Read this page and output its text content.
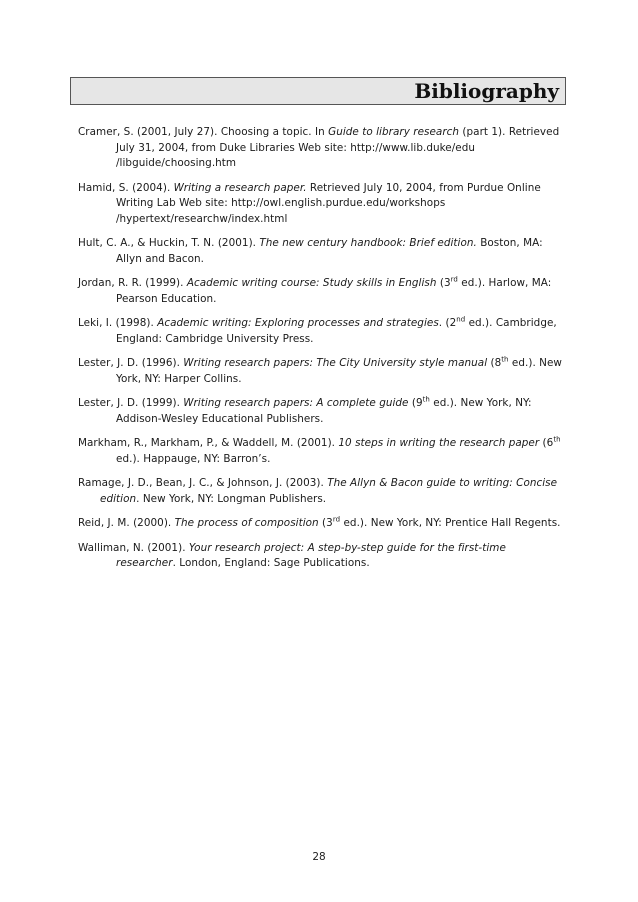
Bibliography
Cramer, S. (2001, July 27). Choosing a topic. In Guide to library research (part 1). Retrieved July 31, 2004, from Duke Libraries Web site: http://www.lib.duke/edu /libguide/choosing.htm
Hamid, S. (2004). Writing a research paper. Retrieved July 10, 2004, from Purdue Online Writing Lab Web site: http://owl.english.purdue.edu/workshops /hypertext/researchw/index.html
Hult, C. A., & Huckin, T. N. (2001). The new century handbook: Brief edition. Boston, MA: Allyn and Bacon.
Jordan, R. R. (1999). Academic writing course: Study skills in English (3rd ed.). Harlow, MA: Pearson Education.
Leki, I. (1998). Academic writing: Exploring processes and strategies. (2nd ed.). Cambridge, England: Cambridge University Press.
Lester, J. D. (1996). Writing research papers: The City University style manual (8th ed.). New York, NY: Harper Collins.
Lester, J. D. (1999). Writing research papers: A complete guide (9th ed.). New York, NY: Addison-Wesley Educational Publishers.
Markham, R., Markham, P., & Waddell, M. (2001). 10 steps in writing the research paper (6th ed.). Happauge, NY: Barron’s.
Ramage, J. D., Bean, J. C., & Johnson, J. (2003). The Allyn & Bacon guide to writing: Concise edition. New York, NY: Longman Publishers.
Reid, J. M. (2000). The process of composition (3rd ed.). New York, NY: Prentice Hall Regents.
Walliman, N. (2001). Your research project: A step-by-step guide for the first-time researcher. London, England: Sage Publications.
28
